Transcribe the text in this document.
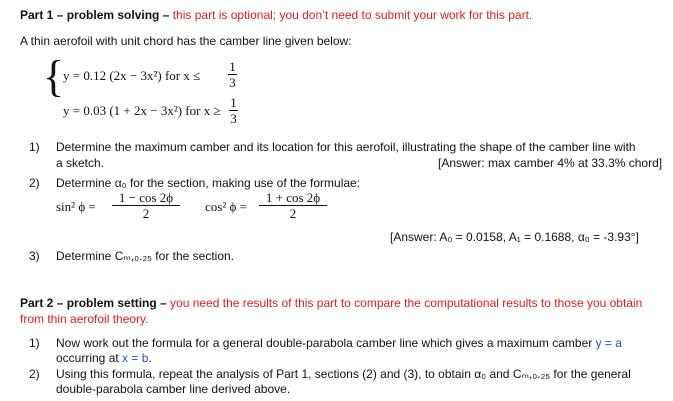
Part 1 – problem solving – this part is optional; you don’t need to submit your work for this part.
A thin aerofoil with unit chord has the camber line given below:
{
y = 0.12 (2x − 3x²) for x ≤
1
3
y = 0.03 (1 + 2x − 3x²) for x ≥
1
3
1) Determine the maximum camber and its location for this aerofoil, illustrating the shape of the camber line with
a sketch.	[Answer: max camber 4% at 33.3% chord]
2) Determine α₀ for the section, making use of the formulae:
sin² ϕ =
1 − cos 2ϕ
2	cos² ϕ =
1 + cos 2ϕ
2
[Answer: A₀ = 0.0158, A₁ = 0.1688, α₀ = -3.93°]
3) Determine Cₘ,₀.₂₅ for the section.
Part 2 – problem setting – you need the results of this part to compare the computational results to those you obtain
from thin aerofoil theory.
1) Now work out the formula for a general double-parabola camber line which gives a maximum camber y = a
occurring at x = b.
2) Using this formula, repeat the analysis of Part 1, sections (2) and (3), to obtain α₀ and Cₘ,₀.₂₅ for the general
double-parabola camber line derived above.
